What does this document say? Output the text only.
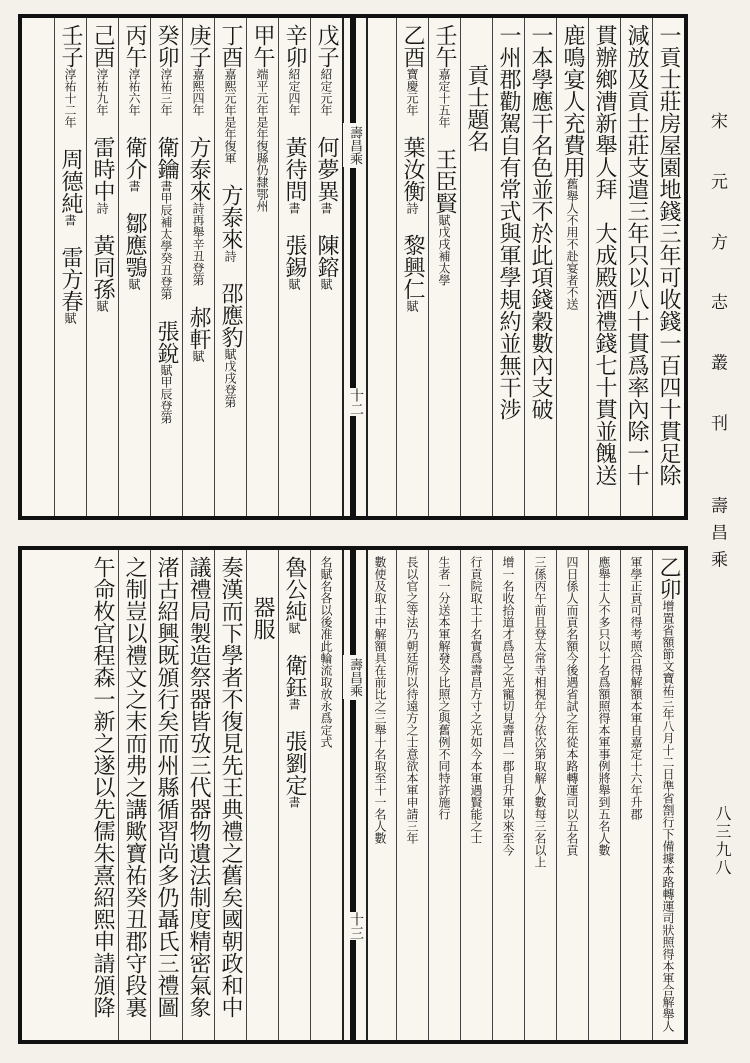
宋 元 方 志 叢 刊 壽昌乘
八三九八
一貢士莊房屋園地錢三年可收錢一百四十貫足除
減放及貢士莊支遣三年只以八十貫爲率內除一十
貫辦鄉漕新舉人拜　大成殿酒禮錢七十貫並餽送
鹿鳴宴人充費用舊舉人不用不赴宴者不送
一本學應干名色並不於此項錢穀數內支破
一州郡勸駕自有常式與軍學規約並無干涉
貢士題名
壬午嘉定十五年王臣賢賦戊戌補太學
乙酉寶慶元年葉汝衡詩黎興仁賦
壽昌乘
十二
戊子紹定元年何夢異書陳鎔賦
辛卯紹定四年黃待問書張錫賦
甲午端平元年是年復縣仍隸鄂州
丁酉嘉熙元年是年復軍方泰來詩邵應豹賦戊戌登第
庚子嘉熙四年方泰來詩再舉辛丑登第郝軒賦
癸卯淳祐三年衛鑰書甲辰補太學癸丑登第張銳賦甲辰登第
丙午淳祐六年衛介書鄒應鶚賦
己酉淳祐九年雷時中詩黃同孫賦
壬子淳祐十二年周德純書雷方春賦
乙卯增置省額節文寶祐三年八月十二日準省劄行下備據本路轉運司狀照得本軍合解舉人
軍學正貢可得考照合得解額本軍自嘉定十六年升郡
應舉士人不多只以十名爲額照得本軍事例將舉到五名人數
四日係人而貢名額今後遇省試之年從本路轉運司以五名貢
三係丙午前且登太常寺相視年分依次第取解人數每三名以上
增一名收拾道才爲邑之光寵切見壽昌一郡自升軍以來至今
行貢院取士十名實爲壽昌方寸之光如今本軍遇賢能之士
生者一分送本軍解發今比照之與舊例不同特許施行
長以官之等法乃朝廷所以待遠方之士意欲本軍申請三年
數使及取士中解額具在前比之三舉十名取至十一名人數
壽昌乘
十三
名賦名各以後准此輪流取放永爲定式
魯公純賦衛鈺書張劉定書
器服
奏漢而下學者不復見先王典禮之舊矣國朝政和中
議禮局製造祭器皆攷三代器物遺法制度精密氣象
渚古紹興既頒行矣而州縣循習尚多仍聶氏三禮圖
之制豈以禮文之末而弗之講歟寶祐癸丑郡守段裏
午命枚官程森一新之遂以先儒朱熹紹熙申請頒降
